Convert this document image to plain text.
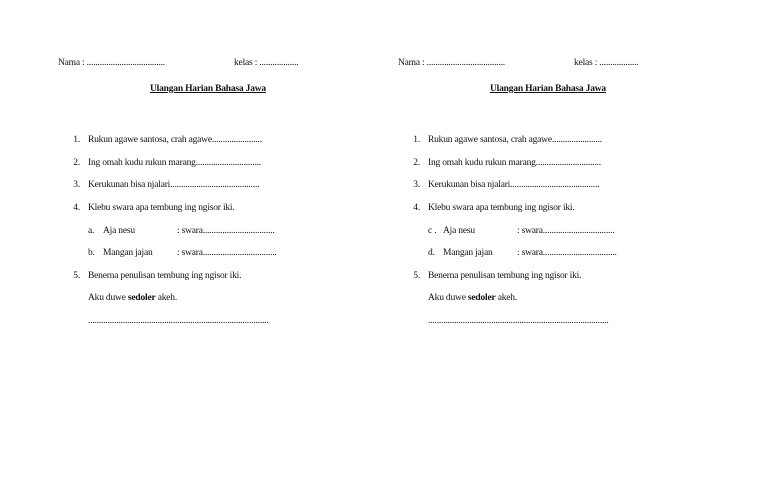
Nama : ....................................	kelas : ..................
Ulangan Harian Bahasa Jawa
1. Rukun agawe santosa, crah agawe.......................
2. Ing omah kudu rukun marang..............................
3. Kerukunan bisa njalari.........................................
4. Klebu swara apa tembung ing ngisor iki.
a. Aja nesu	: swara.................................
b. Mangan jajan	: swara..................................
5. Benerna penulisan tembung ing ngisor iki.
Aku duwe sedoler akeh.
...................................................................................
Nama : ....................................	kelas : ..................
Ulangan Harian Bahasa Jawa
1. Rukun agawe santosa, crah agawe.......................
2. Ing omah kudu rukun marang..............................
3. Kerukunan bisa njalari.........................................
4. Klebu swara apa tembung ing ngisor iki.
c . Aja nesu	: swara.................................
d. Mangan jajan	: swara..................................
5. Benerna penulisan tembung ing ngisor iki.
Aku duwe sedoler akeh.
...................................................................................
